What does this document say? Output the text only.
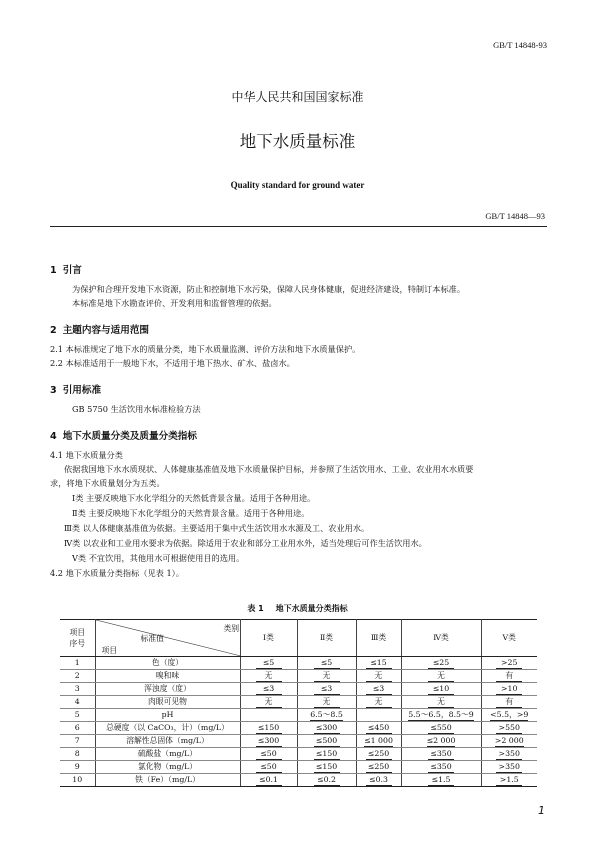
GB/T 14848-93
中华人民共和国国家标准
地下水质量标准
Quality standard for ground water
GB/T 14848—93
1 引言
为保护和合理开发地下水资源，防止和控制地下水污染，保障人民身体健康，促进经济建设，特制订本标准。
本标准是地下水勘查评价、开发利用和监督管理的依据。
2 主题内容与适用范围
2.1 本标准规定了地下水的质量分类，地下水质量监测、评价方法和地下水质量保护。
2.2 本标准适用于一般地下水，不适用于地下热水、矿水、盐卤水。
3 引用标准
GB 5750 生活饮用水标准检验方法
4 地下水质量分类及质量分类指标
4.1 地下水质量分类
依据我国地下水水质现状、人体健康基准值及地下水质量保护目标，并参照了生活饮用水、工业、农业用水水质要
求，将地下水质量划分为五类。
Ⅰ类 主要反映地下水化学组分的天然低背景含量。适用于各种用途。
Ⅱ类 主要反映地下水化学组分的天然背景含量。适用于各种用途。
Ⅲ类 以人体健康基准值为依据。主要适用于集中式生活饮用水水源及工、农业用水。
Ⅳ类 以农业和工业用水要求为依据。除适用于农业和部分工业用水外，适当处理后可作生活饮用水。
Ⅴ类 不宜饮用，其他用水可根据使用目的选用。
4.2 地下水质量分类指标（见表 1）。
表 1 地下水质量分类指标
项目
序号	类别
标准值
项目	Ⅰ类	Ⅱ类	Ⅲ类	Ⅳ类	Ⅴ类
1	色（度）	≤5	≤5	≤15	≤25	>25
2	嗅和味	无	无	无	无	有
3	浑浊度（度）	≤3	≤3	≤3	≤10	>10
4	肉眼可见物	无	无	无	无	有
5	pH		6.5～8.5		5.5～6.5，8.5～9	<5.5，>9
6	总硬度（以 CaCO₃，计）（mg/L）	≤150	≤300	≤450	≤550	>550
7	溶解性总固体（mg/L）	≤300	≤500	≤1 000	≤2 000	>2 000
8	硫酸盐（mg/L）	≤50	≤150	≤250	≤350	>350
9	氯化物（mg/L）	≤50	≤150	≤250	≤350	>350
10	铁（Fe）（mg/L）	≤0.1	≤0.2	≤0.3	≤1.5	>1.5
1
